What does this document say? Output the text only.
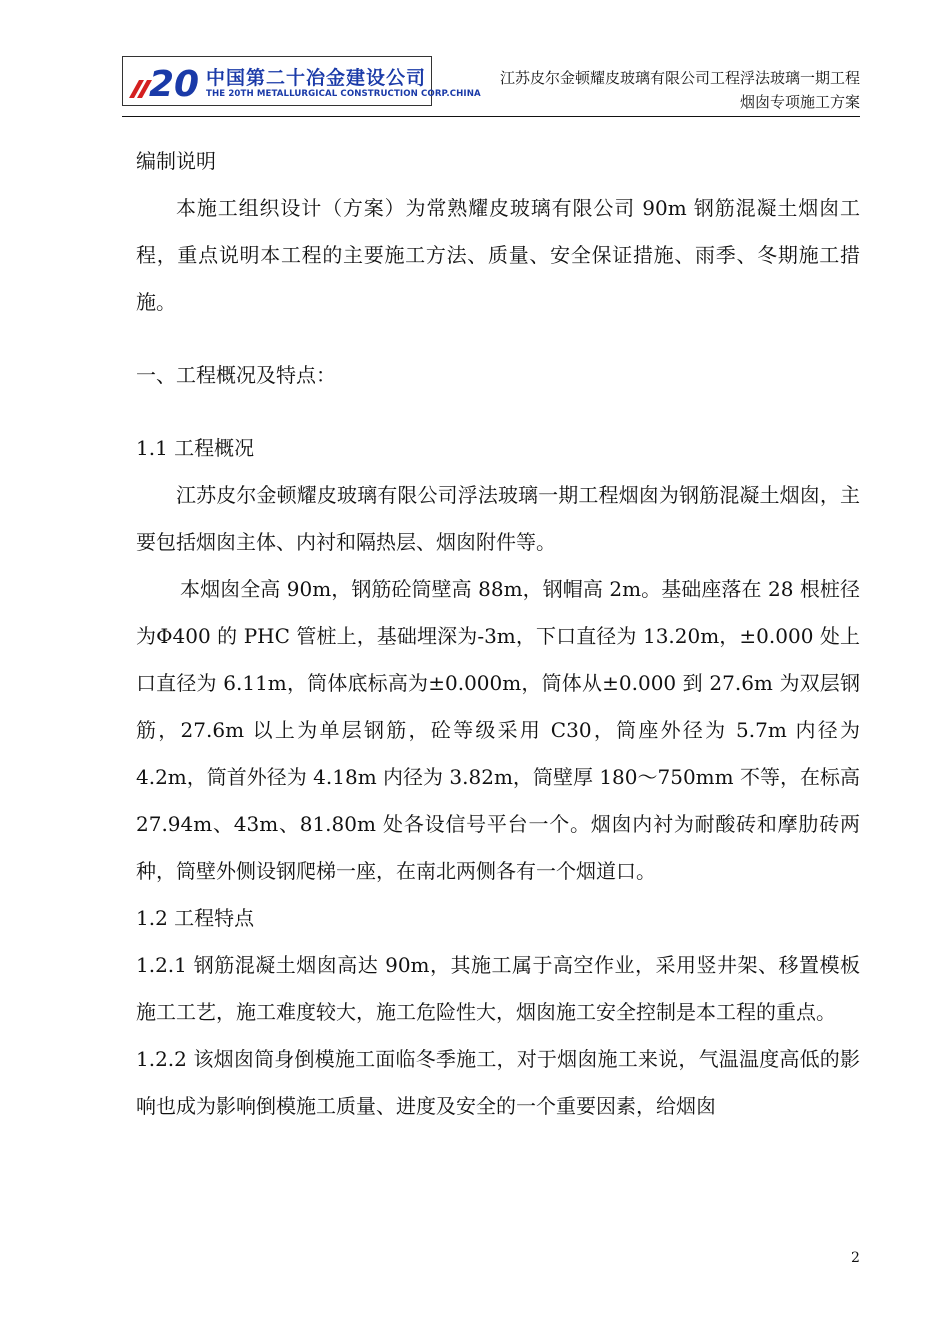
20 中国第二十冶金建设公司
THE 20TH METALLURGICAL CONSTRUCTION CORP.CHINA
江苏皮尔金顿耀皮玻璃有限公司工程浮法玻璃一期工程
烟囱专项施工方案

编制说明

本施工组织设计（方案）为常熟耀皮玻璃有限公司 90m 钢筋混凝土烟囱工程，重点说明本工程的主要施工方法、质量、安全保证措施、雨季、冬期施工措施。

一、工程概况及特点：

1.1 工程概况

江苏皮尔金顿耀皮玻璃有限公司浮法玻璃一期工程烟囱为钢筋混凝土烟囱，主要包括烟囱主体、内衬和隔热层、烟囱附件等。

本烟囱全高 90m，钢筋砼筒壁高 88m，钢帽高 2m。基础座落在 28 根桩径为Φ400 的 PHC 管桩上，基础埋深为-3m，下口直径为 13.20m，±0.000 处上口直径为 6.11m，筒体底标高为±0.000m，筒体从±0.000 到 27.6m 为双层钢筋，27.6m 以上为单层钢筋，砼等级采用 C30，筒座外径为 5.7m 内径为 4.2m，筒首外径为 4.18m 内径为 3.82m，筒壁厚 180～750mm 不等，在标高 27.94m、43m、81.80m 处各设信号平台一个。烟囱内衬为耐酸砖和摩肋砖两种，筒壁外侧设钢爬梯一座，在南北两侧各有一个烟道口。

1.2 工程特点

1.2.1 钢筋混凝土烟囱高达 90m，其施工属于高空作业，采用竖井架、移置模板施工工艺，施工难度较大，施工危险性大，烟囱施工安全控制是本工程的重点。

1.2.2 该烟囱筒身倒模施工面临冬季施工，对于烟囱施工来说，气温温度高低的影响也成为影响倒模施工质量、进度及安全的一个重要因素，给烟囱

2
